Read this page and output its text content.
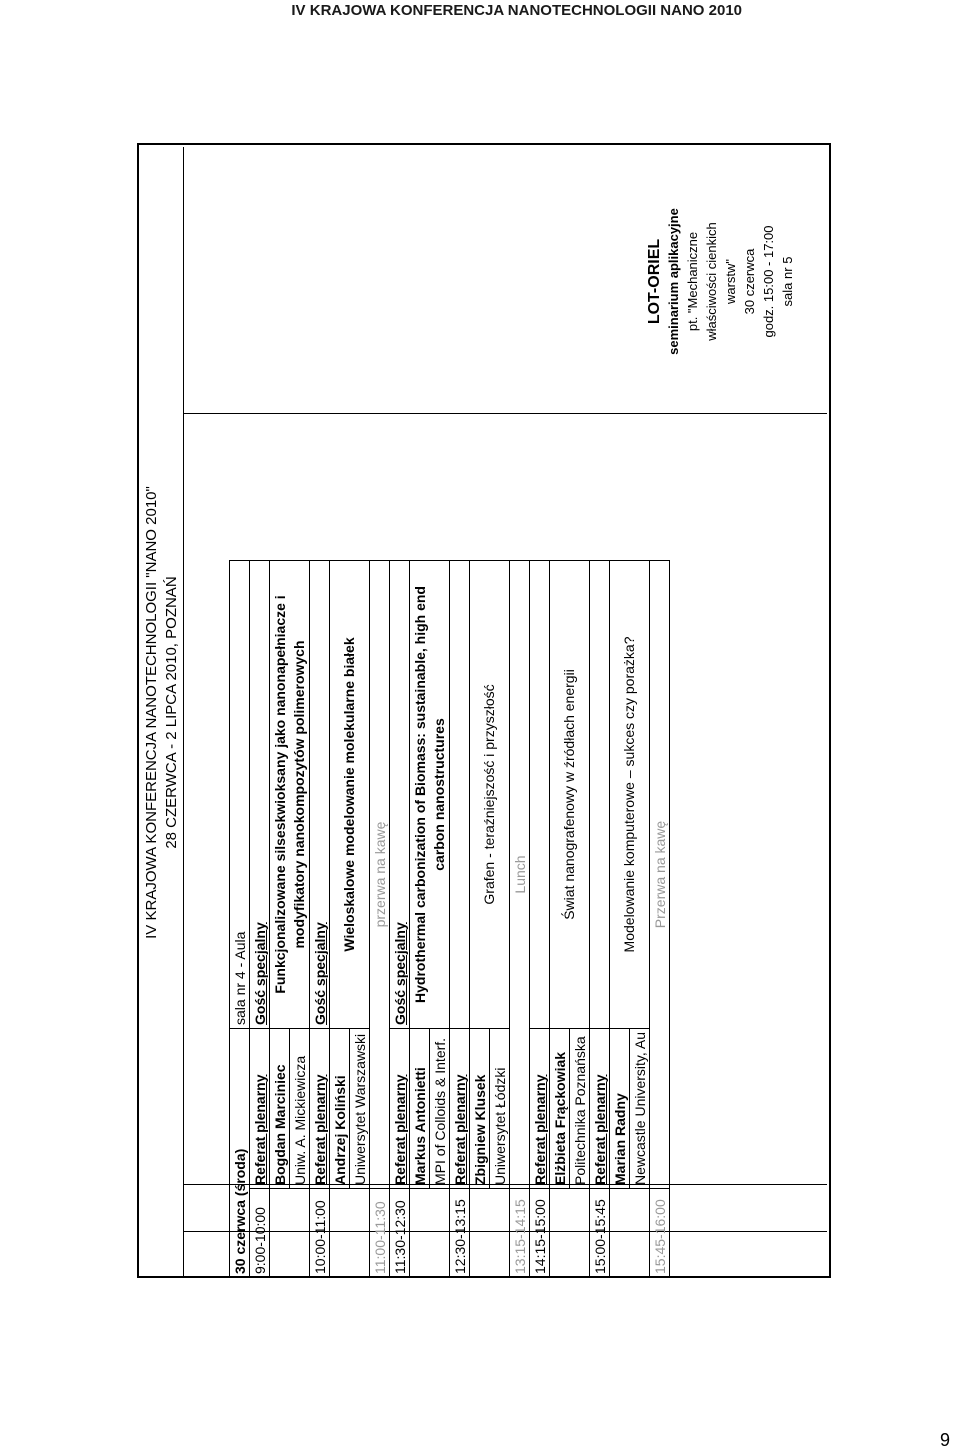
IV KRAJOWA KONFERENCJA NANOTECHNOLOGII NANO 2010
IV KRAJOWA KONFERENCJA NANOTECHNOLOGII "NANO 2010" 28 CZERWCA - 2 LIPCA 2010, POZNAŃ
30 czerwca (środa)		sala nr 4 - Aula
9:00-10:00	Referat plenarny	Gość specjalny
	Bogdan Marciniec	Funkcjonalizowane silseskwioksany jako nanonapełniacze i modyfikatory nanokompozytów polimerowych
	Uniw. A. Mickiewicza	
10:00-11:00	Referat plenarny	Gość specjalny
	Andrzej Koliński	Wieloskalowe modelowanie molekularne białek
	Uniwersytet Warszawski	
11:00-11:30	przerwa na kawę	
11:30-12:30	Referat plenarny	Gość specjalny
	Markus Antonietti	Hydrothermal carbonization of Biomass: sustainable, high end carbon nanostructures
	MPI of Colloids & Interf.	
12:30-13:15	Referat plenarny	
	Zbigniew Klusek	Grafen - teraźniejszość i przyszłość
	Uniwersytet Łódzki	
13:15-14:15	Lunch	
14:15-15:00	Referat plenarny	
	Elżbieta Frąckowiak	Świat nanografenowy w źródłach energii
	Politechnika Poznańska	
15:00-15:45	Referat plenarny	
	Marian Radny	Modelowanie komputerowe – sukces czy porażka?
	Newcastle University, Au	
15:45-16:00	Przerwa na kawę	
LOT-ORIEL seminarium aplikacyjne pt. "Mechaniczne właściwości cienkich warstw" 30 czerwca godz. 15:00 - 17:00 sala nr 5
9
